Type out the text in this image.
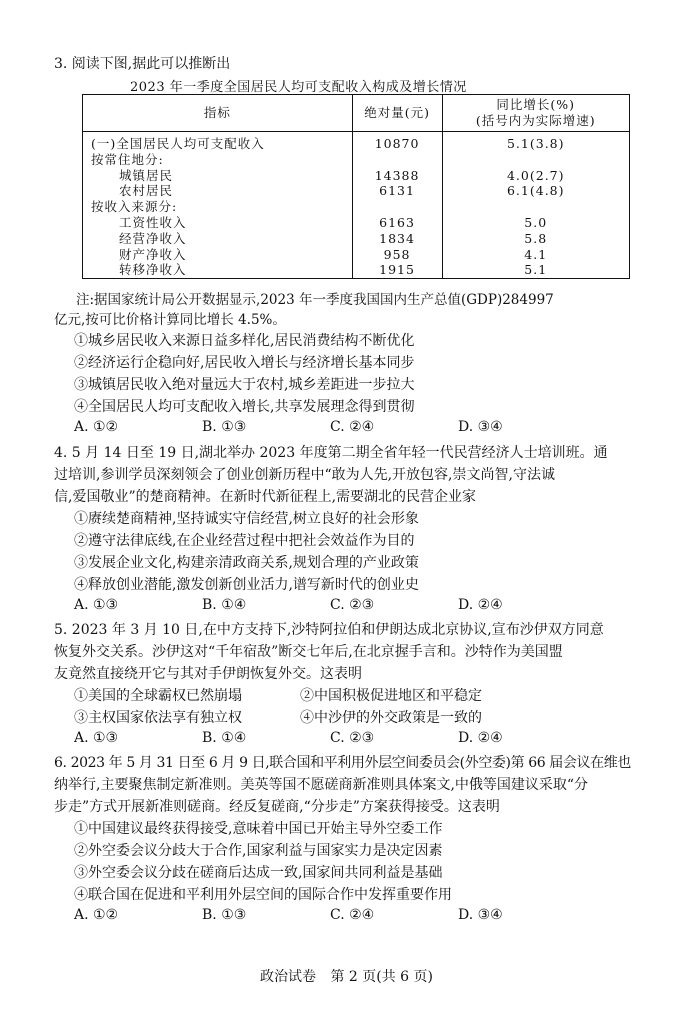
3. 阅读下图,据此可以推断出
2023 年一季度全国居民人均可支配收入构成及增长情况
指标	绝对量(元)	同比增长(%)
(括号内为实际增速)

(一)全国居民人均可支配收入	10870	5.1(3.8)
按常住地分:		
城镇居民	14388	4.0(2.7)
农村居民	6131	6.1(4.8)
按收入来源分:		
工资性收入	6163	5.0
经营净收入	1834	5.8
财产净收入	958	4.1
转移净收入	1915	5.1
注:据国家统计局公开数据显示,2023 年一季度我国国内生产总值(GDP)284997
亿元,按可比价格计算同比增长 4.5%。
①城乡居民收入来源日益多样化,居民消费结构不断优化
②经济运行企稳向好,居民收入增长与经济增长基本同步
③城镇居民收入绝对量远大于农村,城乡差距进一步拉大
④全国居民人均可支配收入增长,共享发展理念得到贯彻
A. ①②	B. ①③	C. ②④	D. ③④
4. 5 月 14 日至 19 日,湖北举办 2023 年度第二期全省年轻一代民营经济人士培训班。通
过培训,参训学员深刻领会了创业创新历程中“敢为人先,开放包容,崇文尚智,守法诚
信,爱国敬业”的楚商精神。在新时代新征程上,需要湖北的民营企业家
①赓续楚商精神,坚持诚实守信经营,树立良好的社会形象
②遵守法律底线,在企业经营过程中把社会效益作为目的
③发展企业文化,构建亲清政商关系,规划合理的产业政策
④释放创业潜能,激发创新创业活力,谱写新时代的创业史
A. ①③	B. ①④	C. ②③	D. ②④
5. 2023 年 3 月 10 日,在中方支持下,沙特阿拉伯和伊朗达成北京协议,宣布沙伊双方同意
恢复外交关系。沙伊这对“千年宿敌”断交七年后,在北京握手言和。沙特作为美国盟
友竟然直接绕开它与其对手伊朗恢复外交。这表明
①美国的全球霸权已然崩塌	②中国积极促进地区和平稳定
③主权国家依法享有独立权	④中沙伊的外交政策是一致的
A. ①③	B. ①④	C. ②③	D. ②④
6. 2023 年 5 月 31 日至 6 月 9 日,联合国和平利用外层空间委员会(外空委)第 66 届会议在维也
纳举行,主要聚焦制定新准则。美英等国不愿磋商新准则具体案文,中俄等国建议采取“分
步走”方式开展新准则磋商。经反复磋商,“分步走”方案获得接受。这表明
①中国建议最终获得接受,意味着中国已开始主导外空委工作
②外空委会议分歧大于合作,国家利益与国家实力是决定因素
③外空委会议分歧在磋商后达成一致,国家间共同利益是基础
④联合国在促进和平利用外层空间的国际合作中发挥重要作用
A. ①②	B. ①③	C. ②④	D. ③④
政治试卷 第 2 页(共 6 页)
